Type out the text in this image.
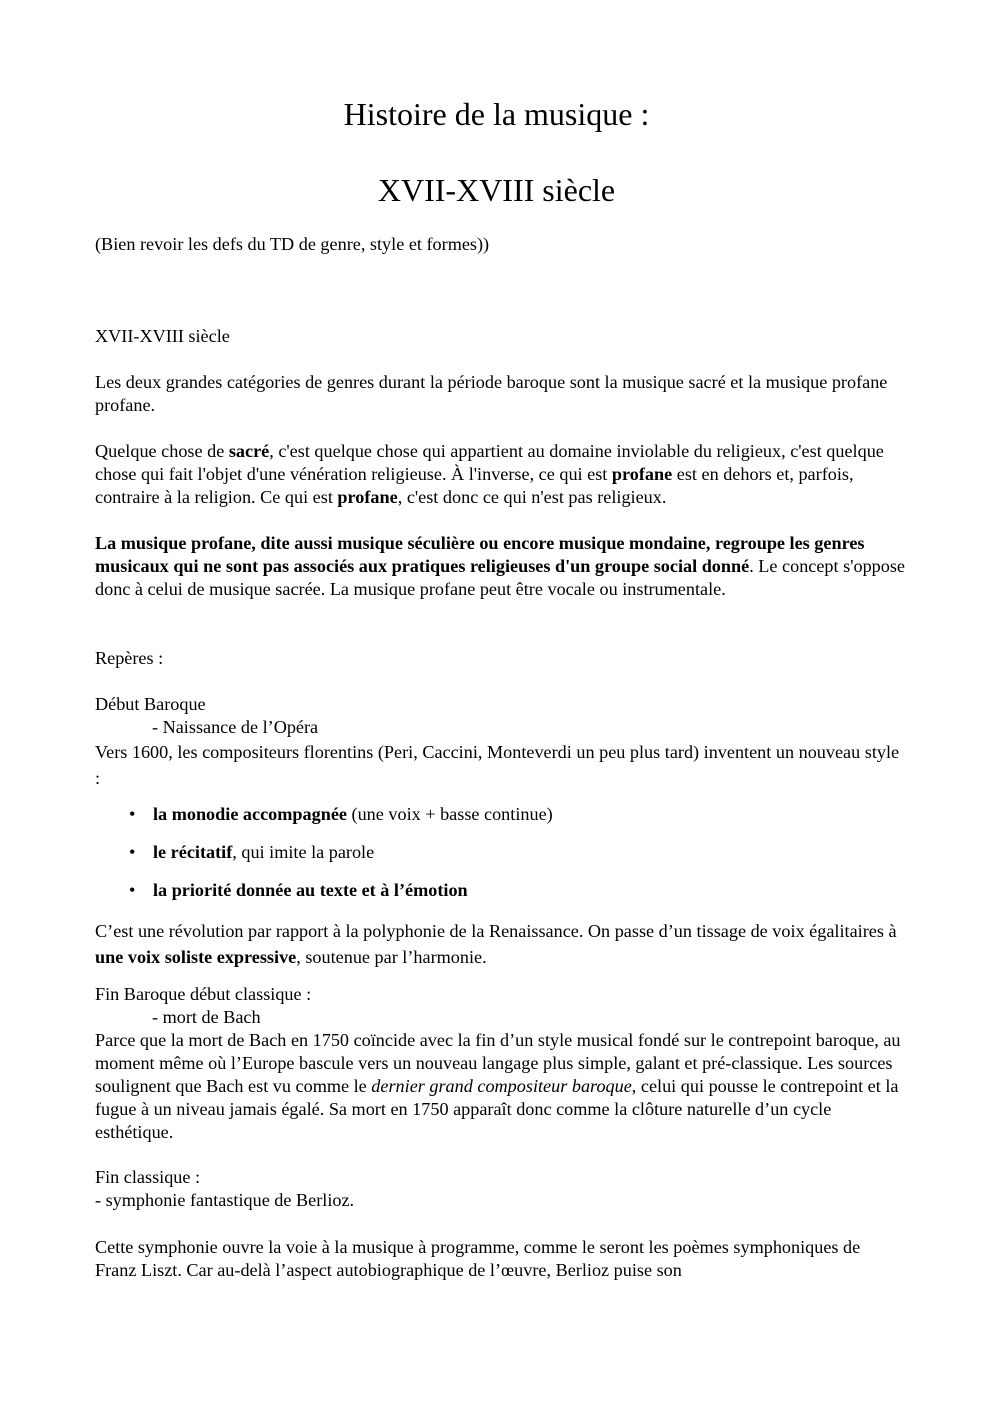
Histoire de la musique :
XVII-XVIII siècle

(Bien revoir les defs du TD de genre, style et formes))

XVII-XVIII siècle

Les deux grandes catégories de genres durant la période baroque sont la musique sacré et la musique profane profane.

Quelque chose de sacré, c'est quelque chose qui appartient au domaine inviolable du religieux, c'est quelque chose qui fait l'objet d'une vénération religieuse. À l'inverse, ce qui est profane est en dehors et, parfois, contraire à la religion. Ce qui est profane, c'est donc ce qui n'est pas religieux.

La musique profane, dite aussi musique séculière ou encore musique mondaine, regroupe les genres musicaux qui ne sont pas associés aux pratiques religieuses d'un groupe social donné. Le concept s'oppose donc à celui de musique sacrée. La musique profane peut être vocale ou instrumentale.

Repères :

Début Baroque

- Naissance de l’Opéra

Vers 1600, les compositeurs florentins (Peri, Caccini, Monteverdi un peu plus tard) inventent un nouveau style :

• la monodie accompagnée (une voix + basse continue)
• le récitatif, qui imite la parole
• la priorité donnée au texte et à l’émotion

C’est une révolution par rapport à la polyphonie de la Renaissance. On passe d’un tissage de voix égalitaires à une voix soliste expressive, soutenue par l’harmonie.

Fin Baroque début classique :

- mort de Bach

Parce que la mort de Bach en 1750 coïncide avec la fin d’un style musical fondé sur le contrepoint baroque, au moment même où l’Europe bascule vers un nouveau langage plus simple, galant et pré-classique. Les sources soulignent que Bach est vu comme le dernier grand compositeur baroque, celui qui pousse le contrepoint et la fugue à un niveau jamais égalé. Sa mort en 1750 apparaît donc comme la clôture naturelle d’un cycle esthétique.

Fin classique :

- symphonie fantastique de Berlioz.

Cette symphonie ouvre la voie à la musique à programme, comme le seront les poèmes symphoniques de Franz Liszt. Car au-delà l’aspect autobiographique de l’œuvre, Berlioz puise son
